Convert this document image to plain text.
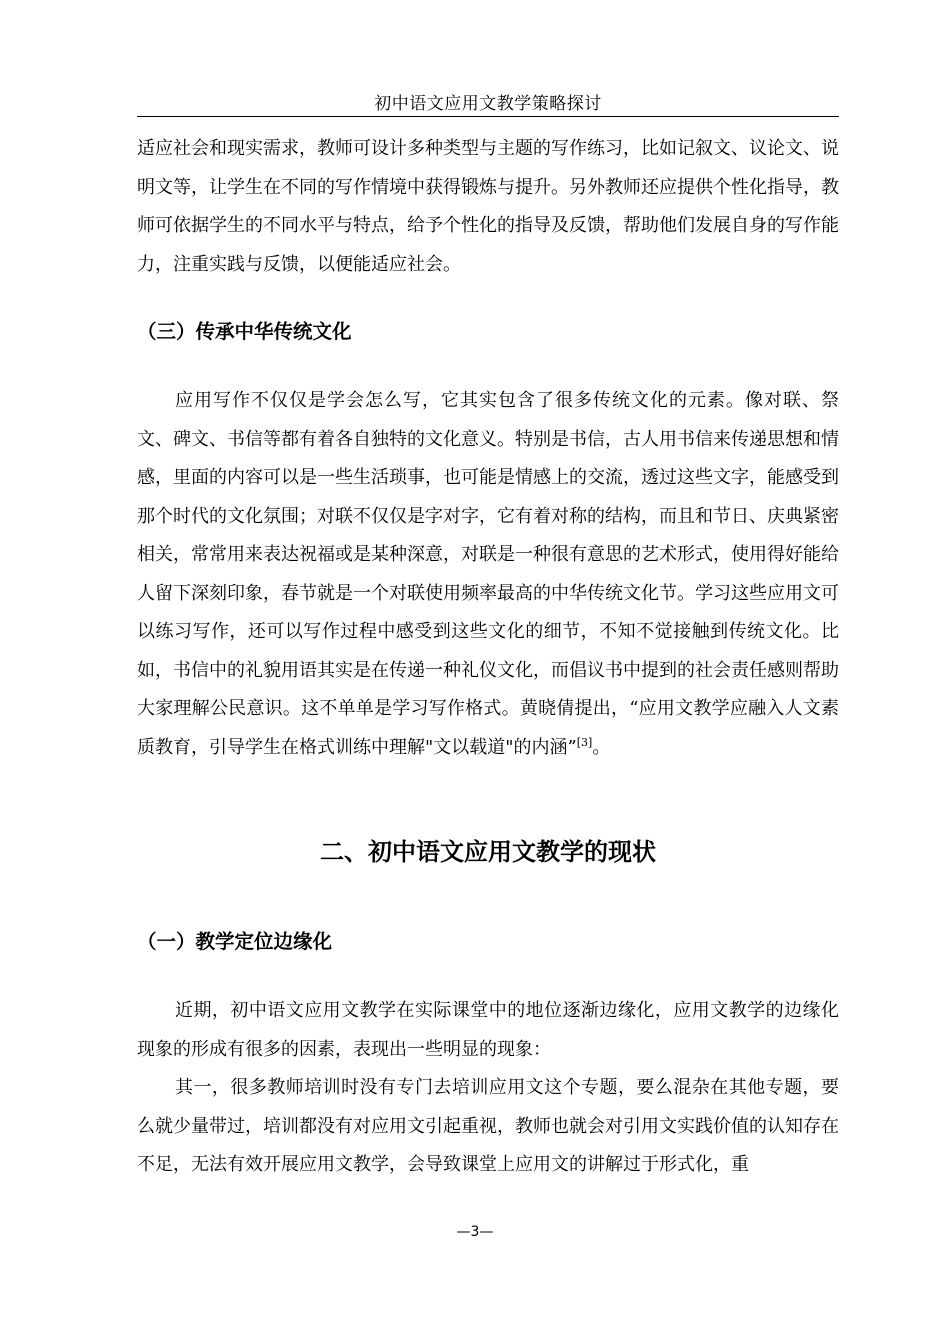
初中语文应用文教学策略探讨

适应社会和现实需求，教师可设计多种类型与主题的写作练习，比如记叙文、议论文、说明文等，让学生在不同的写作情境中获得锻炼与提升。另外教师还应提供个性化指导，教师可依据学生的不同水平与特点，给予个性化的指导及反馈，帮助他们发展自身的写作能力，注重实践与反馈，以便能适应社会。

（三）传承中华传统文化

应用写作不仅仅是学会怎么写，它其实包含了很多传统文化的元素。像对联、祭文、碑文、书信等都有着各自独特的文化意义。特别是书信，古人用书信来传递思想和情感，里面的内容可以是一些生活琐事，也可能是情感上的交流，透过这些文字，能感受到那个时代的文化氛围；对联不仅仅是字对字，它有着对称的结构，而且和节日、庆典紧密相关，常常用来表达祝福或是某种深意，对联是一种很有意思的艺术形式，使用得好能给人留下深刻印象，春节就是一个对联使用频率最高的中华传统文化节。学习这些应用文可以练习写作，还可以写作过程中感受到这些文化的细节，不知不觉接触到传统文化。比如，书信中的礼貌用语其实是在传递一种礼仪文化，而倡议书中提到的社会责任感则帮助大家理解公民意识。这不单单是学习写作格式。黄晓倩提出，“应用文教学应融入人文素质教育，引导学生在格式训练中理解"文以载道"的内涵”[3]。

二、初中语文应用文教学的现状
（一）教学定位边缘化

近期，初中语文应用文教学在实际课堂中的地位逐渐边缘化，应用文教学的边缘化现象的形成有很多的因素，表现出一些明显的现象：

其一，很多教师培训时没有专门去培训应用文这个专题，要么混杂在其他专题，要么就少量带过，培训都没有对应用文引起重视，教师也就会对引用文实践价值的认知存在不足，无法有效开展应用文教学，会导致课堂上应用文的讲解过于形式化，重

—3—
